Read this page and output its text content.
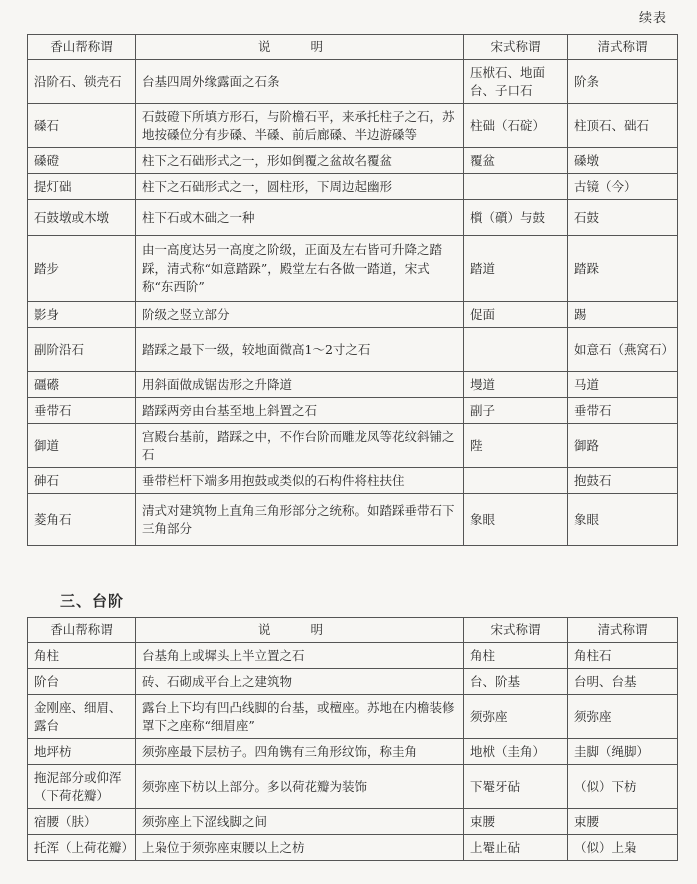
续表
香山帮称谓	说 明	宋式称谓	清式称谓
沿阶石、锁壳石	台基四周外缘露面之石条	压栿石、地面台、子口石	阶条
磉石	石鼓磴下所填方形石，与阶檐石平，来承托柱子之石，苏地按磉位分有步磉、半磉、前后廊磉、半边游磉等	柱础（石碇）	柱顶石、础石
磉磴	柱下之石础形式之一，形如倒覆之盆故名覆盆	覆盆	磉墩
提灯础	柱下之石础形式之一，圆柱形，下周边起幽形		古镜（今）
石鼓墩或木墩	柱下石或木础之一种	櫍（礩）与鼓	石鼓
踏步	由一高度达另一高度之阶级，正面及左右皆可升降之踏踩，清式称“如意踏跺”，殿堂左右各做一踏道，宋式称“东西阶”	踏道	踏跺
影身	阶级之竖立部分	促面	踢
副阶沿石	踏踩之最下一级，较地面微高1～2寸之石		如意石（燕窝石）
礓礤	用斜面做成锯齿形之升降道	墁道	马道
垂带石	踏踩两旁由台基至地上斜置之石	副子	垂带石
御道	宫殿台基前，踏踩之中，不作台阶而雕龙凤等花纹斜铺之石	陛	御路
砷石	垂带栏杆下端多用抱鼓或类似的石构件将柱扶住		抱鼓石
菱角石	清式对建筑物上直角三角形部分之统称。如踏踩垂带石下三角部分	象眼	象眼
三、台阶
香山帮称谓	说 明	宋式称谓	清式称谓
角柱	台基角上或墀头上半立置之石	角柱	角柱石
阶台	砖、石砌成平台上之建筑物	台、阶基	台明、台基
金刚座、细眉、露台	露台上下均有凹凸线脚的台基，或檀座。苏地在内檐装修罩下之座称“细眉座”	须弥座	须弥座
地坪枋	须弥座最下层枋子。四角镌有三角形纹饰，称圭角	地栿（圭角）	圭脚（绳脚）
拖泥部分或仰浑（下荷花瓣）	须弥座下枋以上部分。多以荷花瓣为装饰	下罨牙砧	（似）下枋
宿腰（肤）	须弥座上下涩线脚之间	束腰	束腰
托浑（上荷花瓣）	上枭位于须弥座束腰以上之枋	上罨止砧	（似）上枭
